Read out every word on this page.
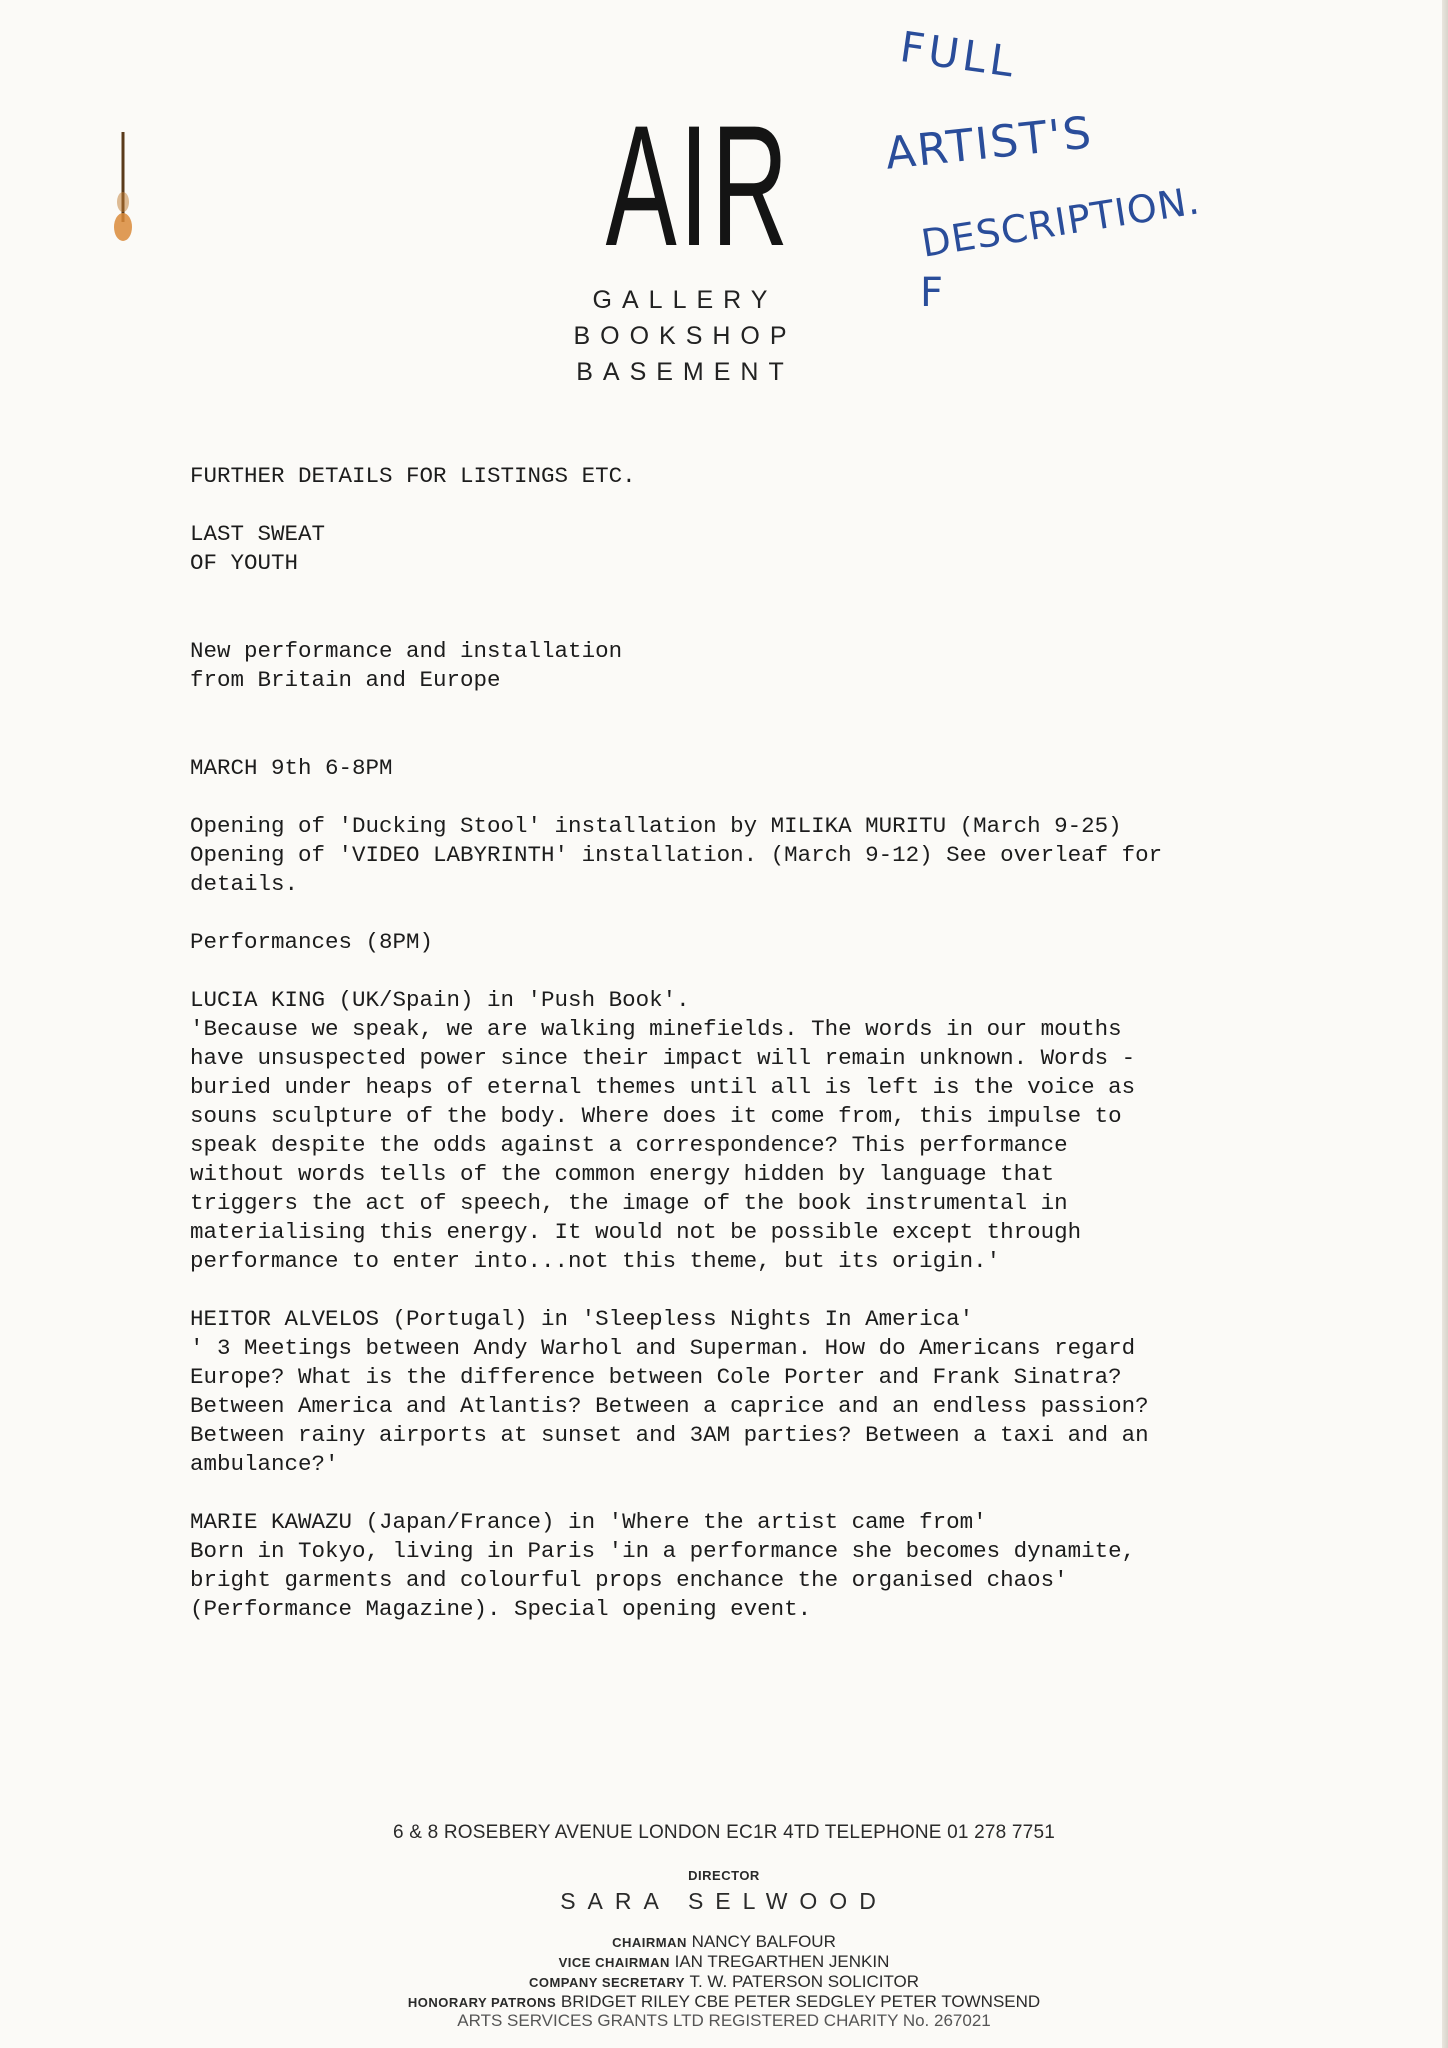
AIR
GALLERY
BOOKSHOP
BASEMENT
FULL
ARTIST'S
DESCRIPTION.
F

FURTHER DETAILS FOR LISTINGS ETC.

LAST SWEAT

OF YOUTH

New performance and installation

from Britain and Europe

MARCH 9th 6-8PM

Opening of 'Ducking Stool' installation by MILIKA MURITU (March 9-25)

Opening of 'VIDEO LABYRINTH' installation. (March 9-12) See overleaf for

details.

Performances (8PM)

LUCIA KING (UK/Spain) in 'Push Book'.

'Because we speak, we are walking minefields. The words in our mouths

have unsuspected power since their impact will remain unknown. Words -

buried under heaps of eternal themes until all is left is the voice as

souns sculpture of the body. Where does it come from, this impulse to

speak despite the odds against a correspondence? This performance

without words tells of the common energy hidden by language that

triggers the act of speech, the image of the book instrumental in

materialising this energy. It would not be possible except through

performance to enter into...not this theme, but its origin.'

HEITOR ALVELOS (Portugal) in 'Sleepless Nights In America'

' 3 Meetings between Andy Warhol and Superman. How do Americans regard

Europe? What is the difference between Cole Porter and Frank Sinatra?

Between America and Atlantis? Between a caprice and an endless passion?

Between rainy airports at sunset and 3AM parties? Between a taxi and an

ambulance?'

MARIE KAWAZU (Japan/France) in 'Where the artist came from'

Born in Tokyo, living in Paris 'in a performance she becomes dynamite,

bright garments and colourful props enchance the organised chaos'

(Performance Magazine). Special opening event.

6 & 8 ROSEBERY AVENUE LONDON EC1R 4TD TELEPHONE 01 278 7751
DIRECTOR
SARA SELWOOD
CHAIRMAN NANCY BALFOUR
VICE CHAIRMAN IAN TREGARTHEN JENKIN
COMPANY SECRETARY T. W. PATERSON SOLICITOR
HONORARY PATRONS BRIDGET RILEY CBE PETER SEDGLEY PETER TOWNSEND
ARTS SERVICES GRANTS LTD REGISTERED CHARITY No. 267021
